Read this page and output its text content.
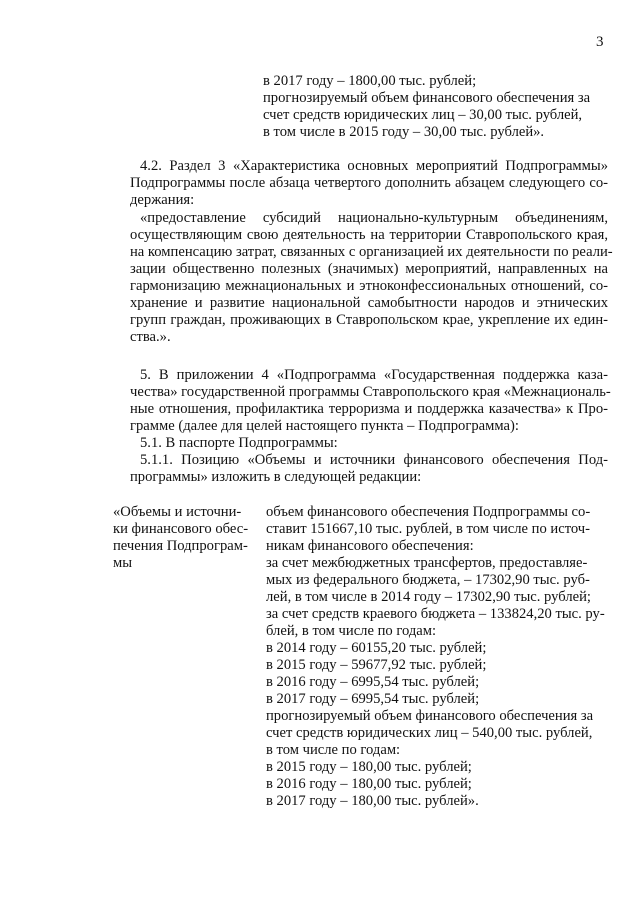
3
в 2017 году – 1800,00 тыс. рублей;
прогнозируемый объем финансового обеспечения за
счет средств юридических лиц – 30,00 тыс. рублей,
в том числе в 2015 году – 30,00 тыс. рублей».
4.2. Раздел 3 «Характеристика основных мероприятий Подпрограммы»
Подпрограммы после абзаца четвертого дополнить абзацем следующего со-
держания:
«предоставление субсидий национально-культурным объединениям,
осуществляющим свою деятельность на территории Ставропольского края,
на компенсацию затрат, связанных с организацией их деятельности по реали-
зации общественно полезных (значимых) мероприятий, направленных на
гармонизацию межнациональных и этноконфессиональных отношений, со-
хранение и развитие национальной самобытности народов и этнических
групп граждан, проживающих в Ставропольском крае, укрепление их един-
ства.».
5. В приложении 4 «Подпрограмма «Государственная поддержка каза-
чества» государственной программы Ставропольского края «Межнациональ-
ные отношения, профилактика терроризма и поддержка казачества» к Про-
грамме (далее для целей настоящего пункта – Подпрограмма):
5.1. В паспорте Подпрограммы:
5.1.1. Позицию «Объемы и источники финансового обеспечения Под-
программы» изложить в следующей редакции:
«Объемы и источни-
ки финансового обес-
печения Подпрограм-
мы
объем финансового обеспечения Подпрограммы со-
ставит 151667,10 тыс. рублей, в том числе по источ-
никам финансового обеспечения:
за счет межбюджетных трансфертов, предоставляе-
мых из федерального бюджета, – 17302,90 тыс. руб-
лей, в том числе в 2014 году – 17302,90 тыс. рублей;
за счет средств краевого бюджета – 133824,20 тыс. ру-
блей, в том числе по годам:
в 2014 году – 60155,20 тыс. рублей;
в 2015 году – 59677,92 тыс. рублей;
в 2016 году – 6995,54 тыс. рублей;
в 2017 году – 6995,54 тыс. рублей;
прогнозируемый объем финансового обеспечения за
счет средств юридических лиц – 540,00 тыс. рублей,
в том числе по годам:
в 2015 году – 180,00 тыс. рублей;
в 2016 году – 180,00 тыс. рублей;
в 2017 году – 180,00 тыс. рублей».
